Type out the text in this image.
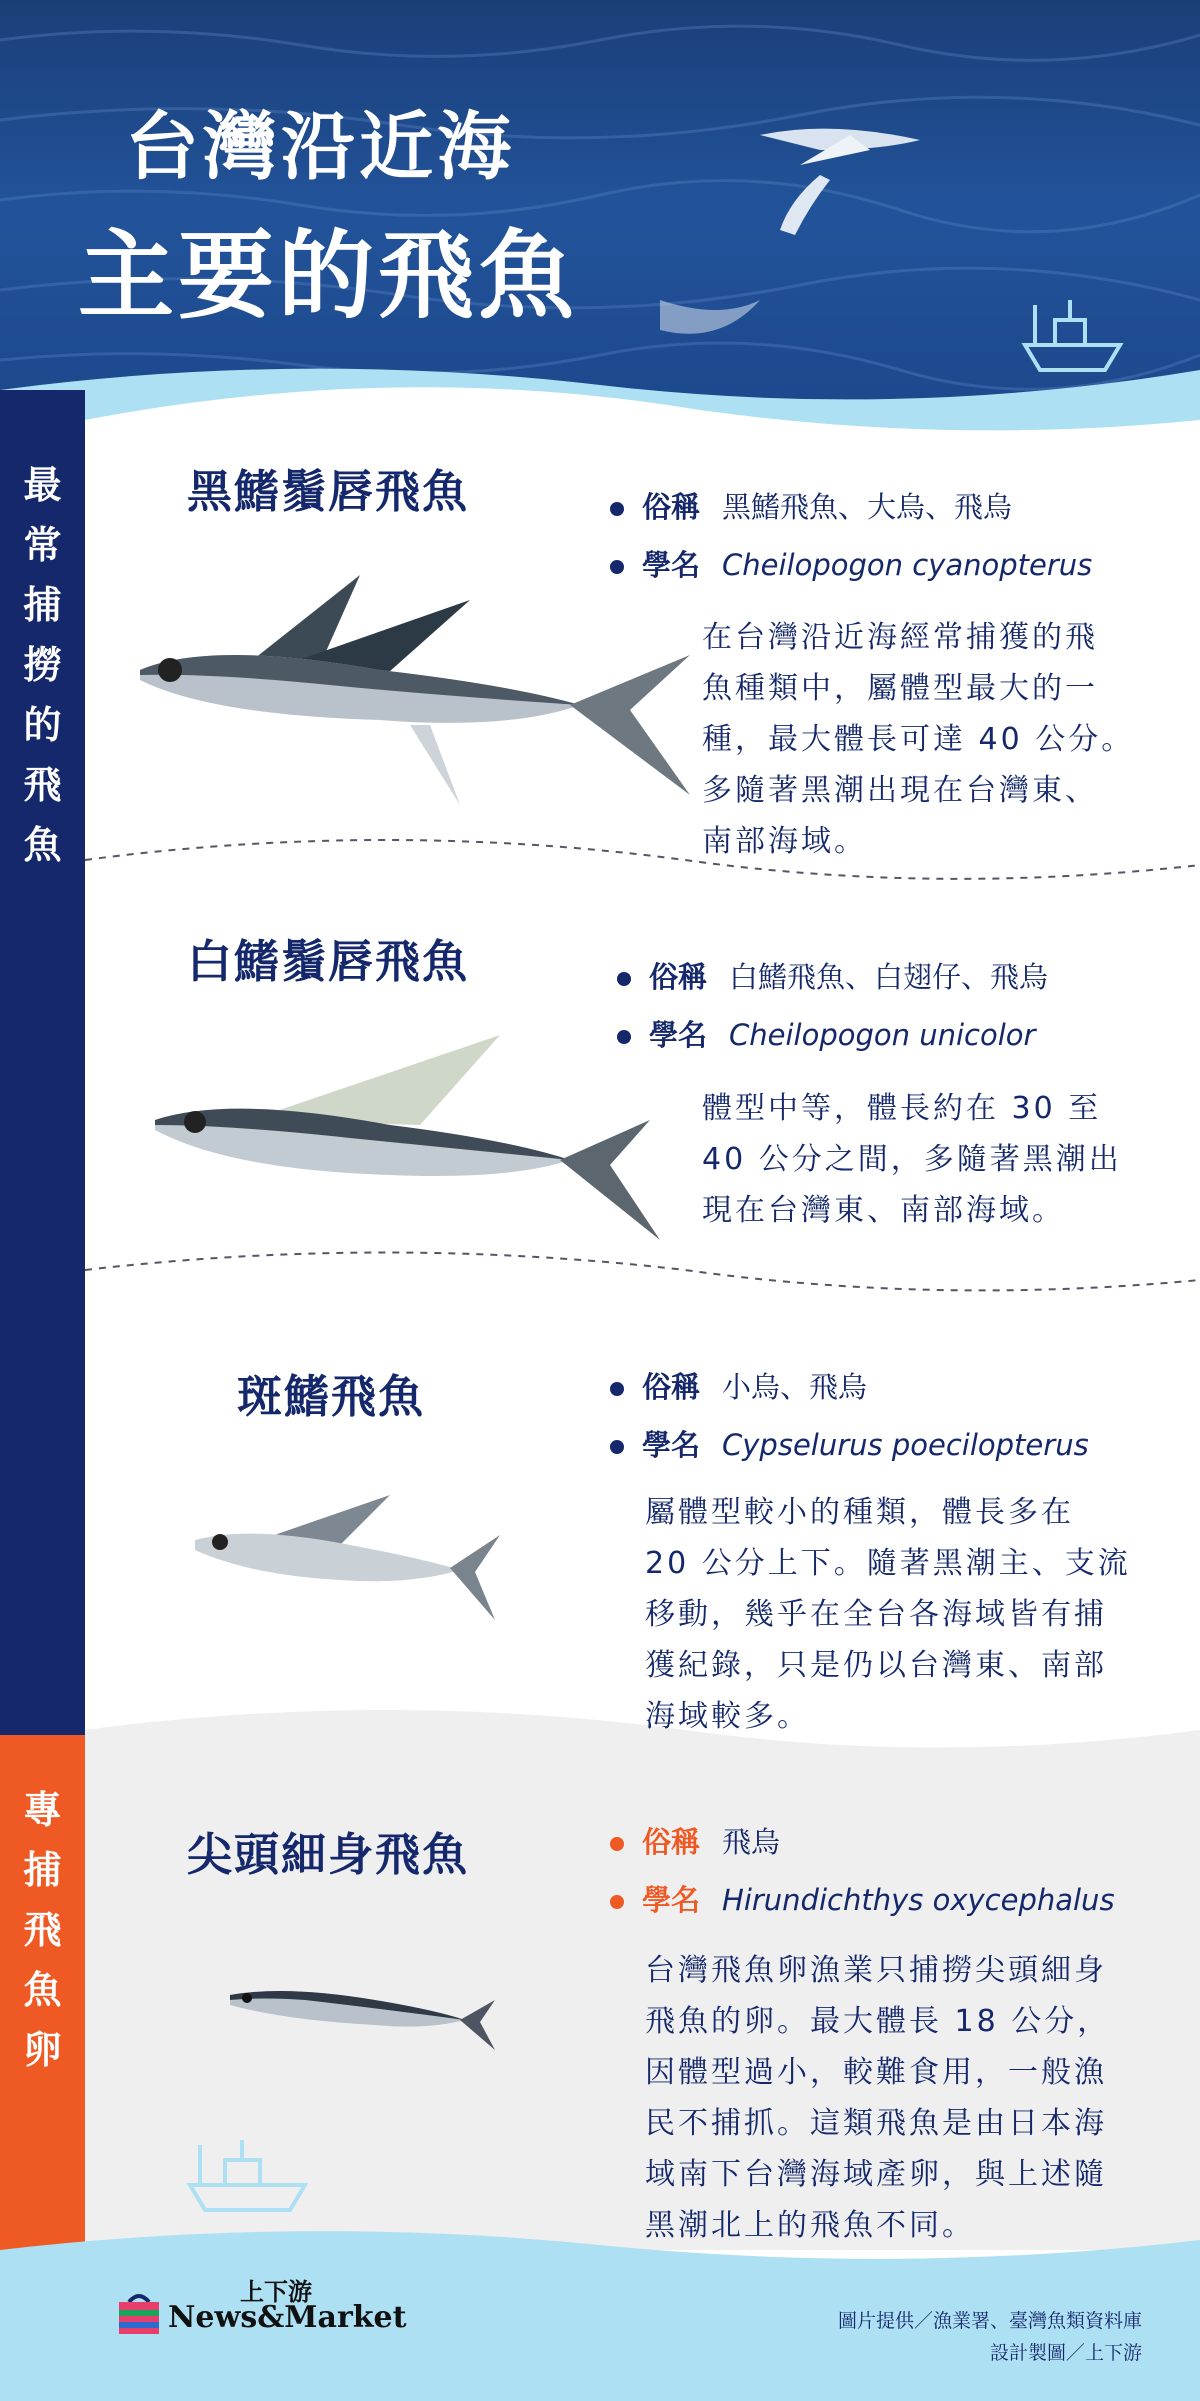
台灣沿近海
主要的飛魚
最常捕撈的飛魚
專捕飛魚卵
黑鰭鬚唇飛魚	俗稱 黑鰭飛魚、大烏、飛烏
學名 Cheilopogon cyanopterus
在台灣沿近海經常捕獲的飛
魚種類中，屬體型最大的一
種，最大體長可達 40 公分。
多隨著黑潮出現在台灣東、
南部海域。
白鰭鬚唇飛魚	俗稱 白鰭飛魚、白翅仔、飛烏
學名 Cheilopogon unicolor
體型中等，體長約在 30 至
40 公分之間，多隨著黑潮出
現在台灣東、南部海域。
斑鰭飛魚	俗稱 小烏、飛烏
學名 Cypselurus poecilopterus
屬體型較小的種類，體長多在
20 公分上下。隨著黑潮主、支流
移動，幾乎在全台各海域皆有捕
獲紀錄，只是仍以台灣東、南部
海域較多。
尖頭細身飛魚	俗稱 飛烏
學名 Hirundichthys oxycephalus
台灣飛魚卵漁業只捕撈尖頭細身
飛魚的卵。最大體長 18 公分，
因體型過小，較難食用，一般漁
民不捕抓。這類飛魚是由日本海
域南下台灣海域產卵，與上述隨
黑潮北上的飛魚不同。
上下游
News&Market	圖片提供／漁業署、臺灣魚類資料庫
設計製圖／上下游
